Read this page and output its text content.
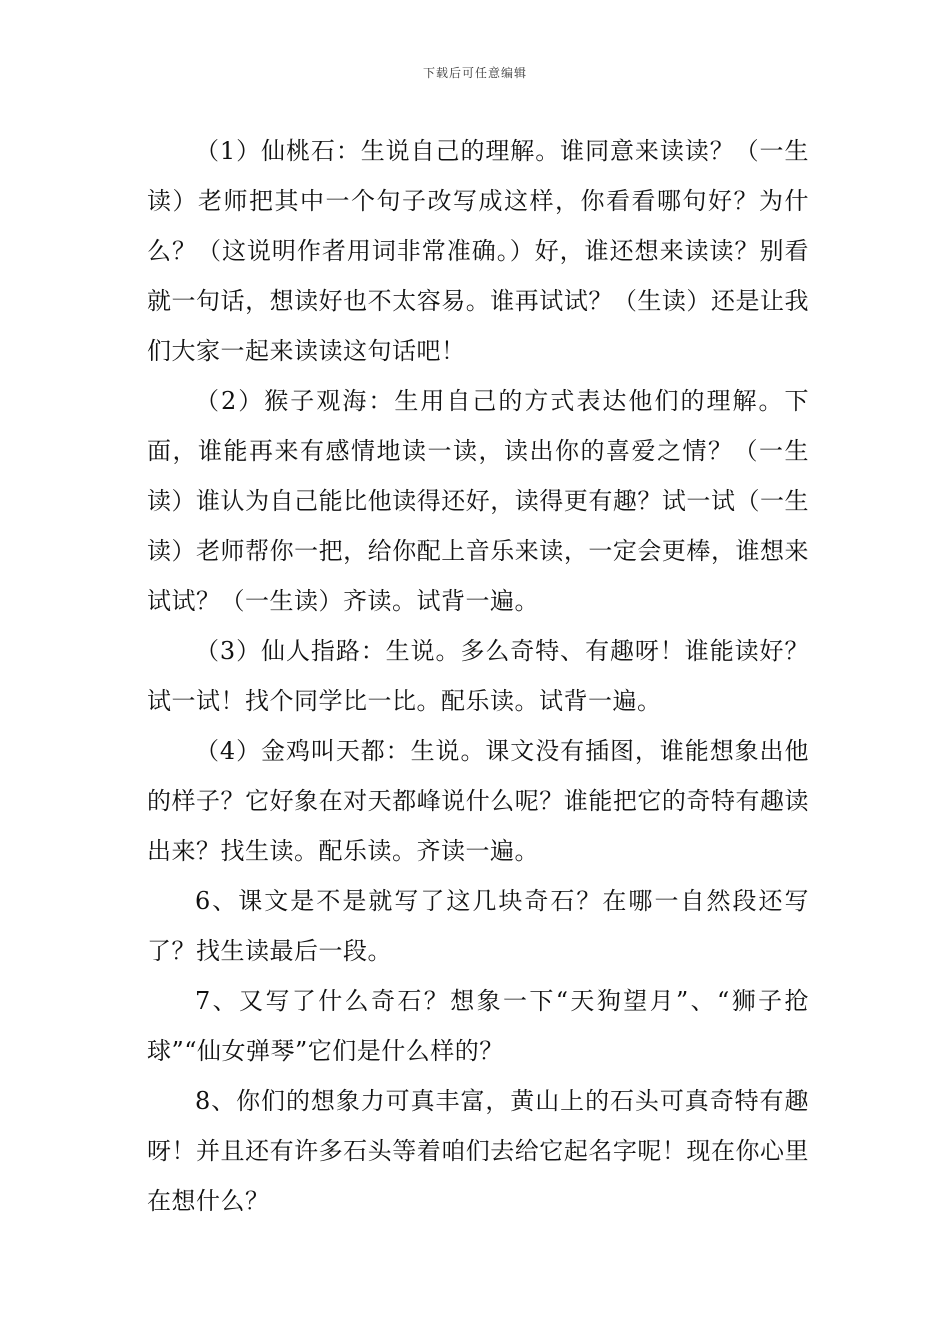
下载后可任意编辑

（1）仙桃石：生说自己的理解。谁同意来读读？（一生读）老师把其中一个句子改写成这样，你看看哪句好？为什么？（这说明作者用词非常准确。）好，谁还想来读读？别看就一句话，想读好也不太容易。谁再试试？（生读）还是让我们大家一起来读读这句话吧！

（2）猴子观海：生用自己的方式表达他们的理解。下面，谁能再来有感情地读一读，读出你的喜爱之情？（一生读）谁认为自己能比他读得还好，读得更有趣？试一试（一生读）老师帮你一把，给你配上音乐来读，一定会更棒，谁想来试试？（一生读）齐读。试背一遍。

（3）仙人指路：生说。多么奇特、有趣呀！谁能读好？试一试！找个同学比一比。配乐读。试背一遍。

（4）金鸡叫天都：生说。课文没有插图，谁能想象出他的样子？它好象在对天都峰说什么呢？谁能把它的奇特有趣读出来？找生读。配乐读。齐读一遍。

6、课文是不是就写了这几块奇石？在哪一自然段还写了？找生读最后一段。

7、又写了什么奇石？想象一下“天狗望月”、“狮子抢球”“仙女弹琴”它们是什么样的？

8、你们的想象力可真丰富，黄山上的石头可真奇特有趣呀！并且还有许多石头等着咱们去给它起名字呢！现在你心里在想什么？
